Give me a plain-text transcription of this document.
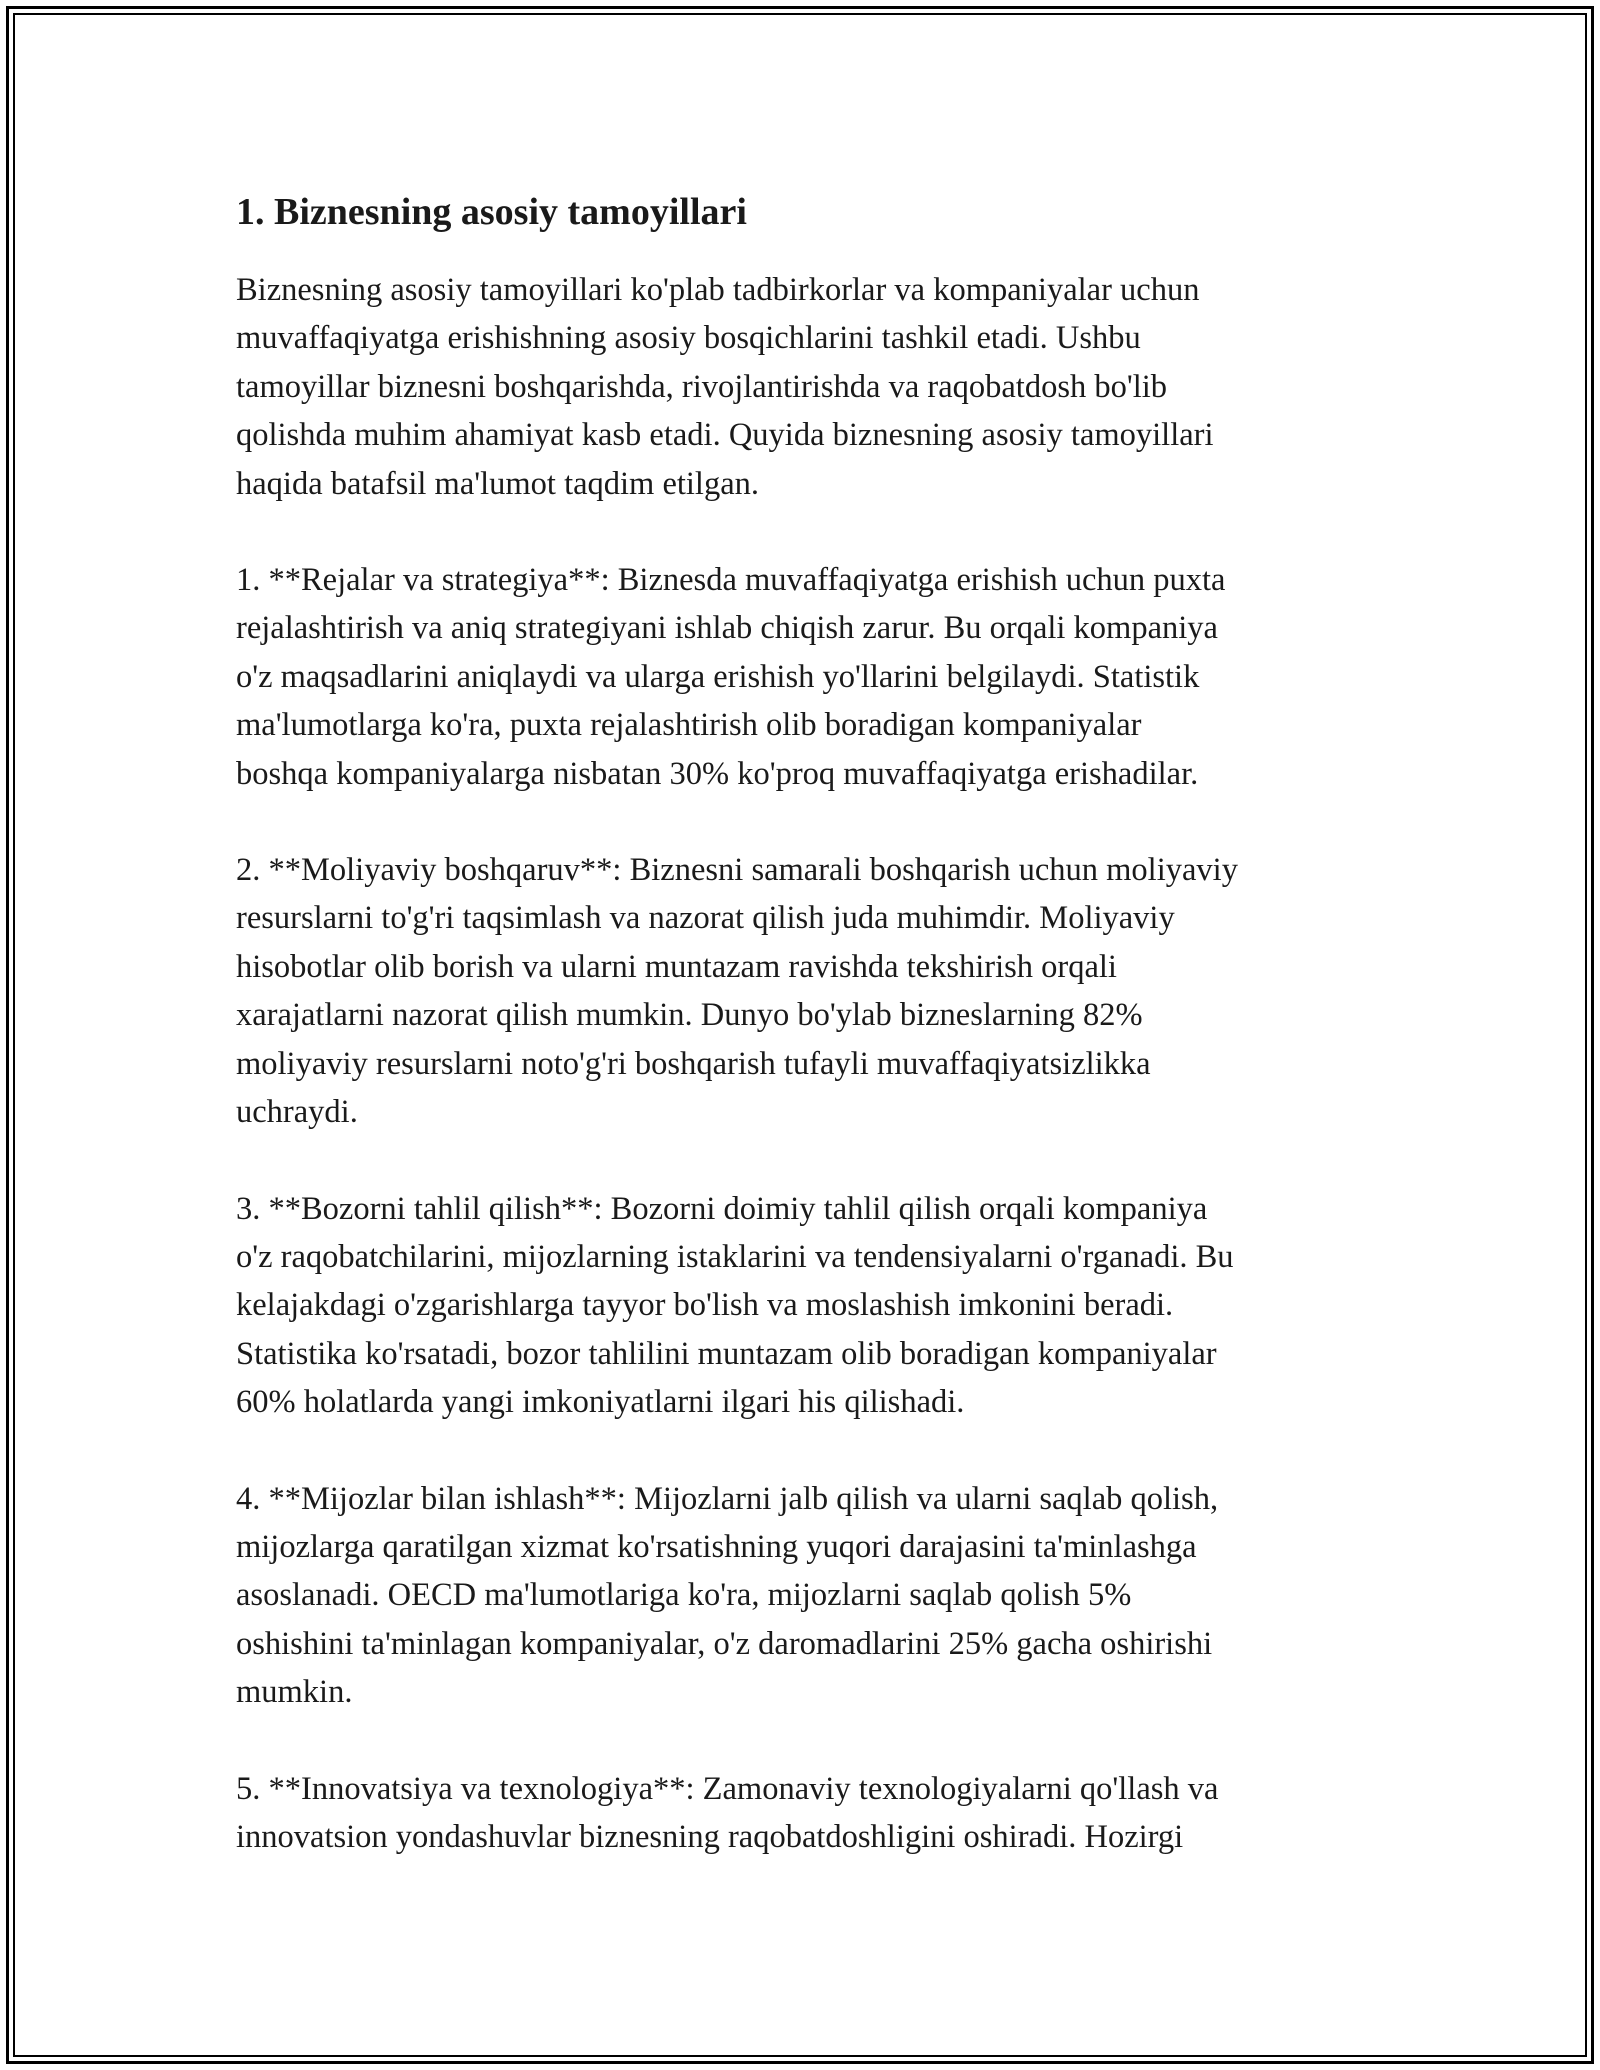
1. Biznesning asosiy tamoyillari

Biznesning asosiy tamoyillari ko'plab tadbirkorlar va kompaniyalar uchun
muvaffaqiyatga erishishning asosiy bosqichlarini tashkil etadi. Ushbu
tamoyillar biznesni boshqarishda, rivojlantirishda va raqobatdosh bo'lib
qolishda muhim ahamiyat kasb etadi. Quyida biznesning asosiy tamoyillari
haqida batafsil ma'lumot taqdim etilgan.

1. **Rejalar va strategiya**: Biznesda muvaffaqiyatga erishish uchun puxta
rejalashtirish va aniq strategiyani ishlab chiqish zarur. Bu orqali kompaniya
o'z maqsadlarini aniqlaydi va ularga erishish yo'llarini belgilaydi. Statistik
ma'lumotlarga ko'ra, puxta rejalashtirish olib boradigan kompaniyalar
boshqa kompaniyalarga nisbatan 30% ko'proq muvaffaqiyatga erishadilar.

2. **Moliyaviy boshqaruv**: Biznesni samarali boshqarish uchun moliyaviy
resurslarni to'g'ri taqsimlash va nazorat qilish juda muhimdir. Moliyaviy
hisobotlar olib borish va ularni muntazam ravishda tekshirish orqali
xarajatlarni nazorat qilish mumkin. Dunyo bo'ylab bizneslarning 82%
moliyaviy resurslarni noto'g'ri boshqarish tufayli muvaffaqiyatsizlikka
uchraydi.

3. **Bozorni tahlil qilish**: Bozorni doimiy tahlil qilish orqali kompaniya
o'z raqobatchilarini, mijozlarning istaklarini va tendensiyalarni o'rganadi. Bu
kelajakdagi o'zgarishlarga tayyor bo'lish va moslashish imkonini beradi.
Statistika ko'rsatadi, bozor tahlilini muntazam olib boradigan kompaniyalar
60% holatlarda yangi imkoniyatlarni ilgari his qilishadi.

4. **Mijozlar bilan ishlash**: Mijozlarni jalb qilish va ularni saqlab qolish,
mijozlarga qaratilgan xizmat ko'rsatishning yuqori darajasini ta'minlashga
asoslanadi. OECD ma'lumotlariga ko'ra, mijozlarni saqlab qolish 5%
oshishini ta'minlagan kompaniyalar, o'z daromadlarini 25% gacha oshirishi
mumkin.

5. **Innovatsiya va texnologiya**: Zamonaviy texnologiyalarni qo'llash va
innovatsion yondashuvlar biznesning raqobatdoshligini oshiradi. Hozirgi
